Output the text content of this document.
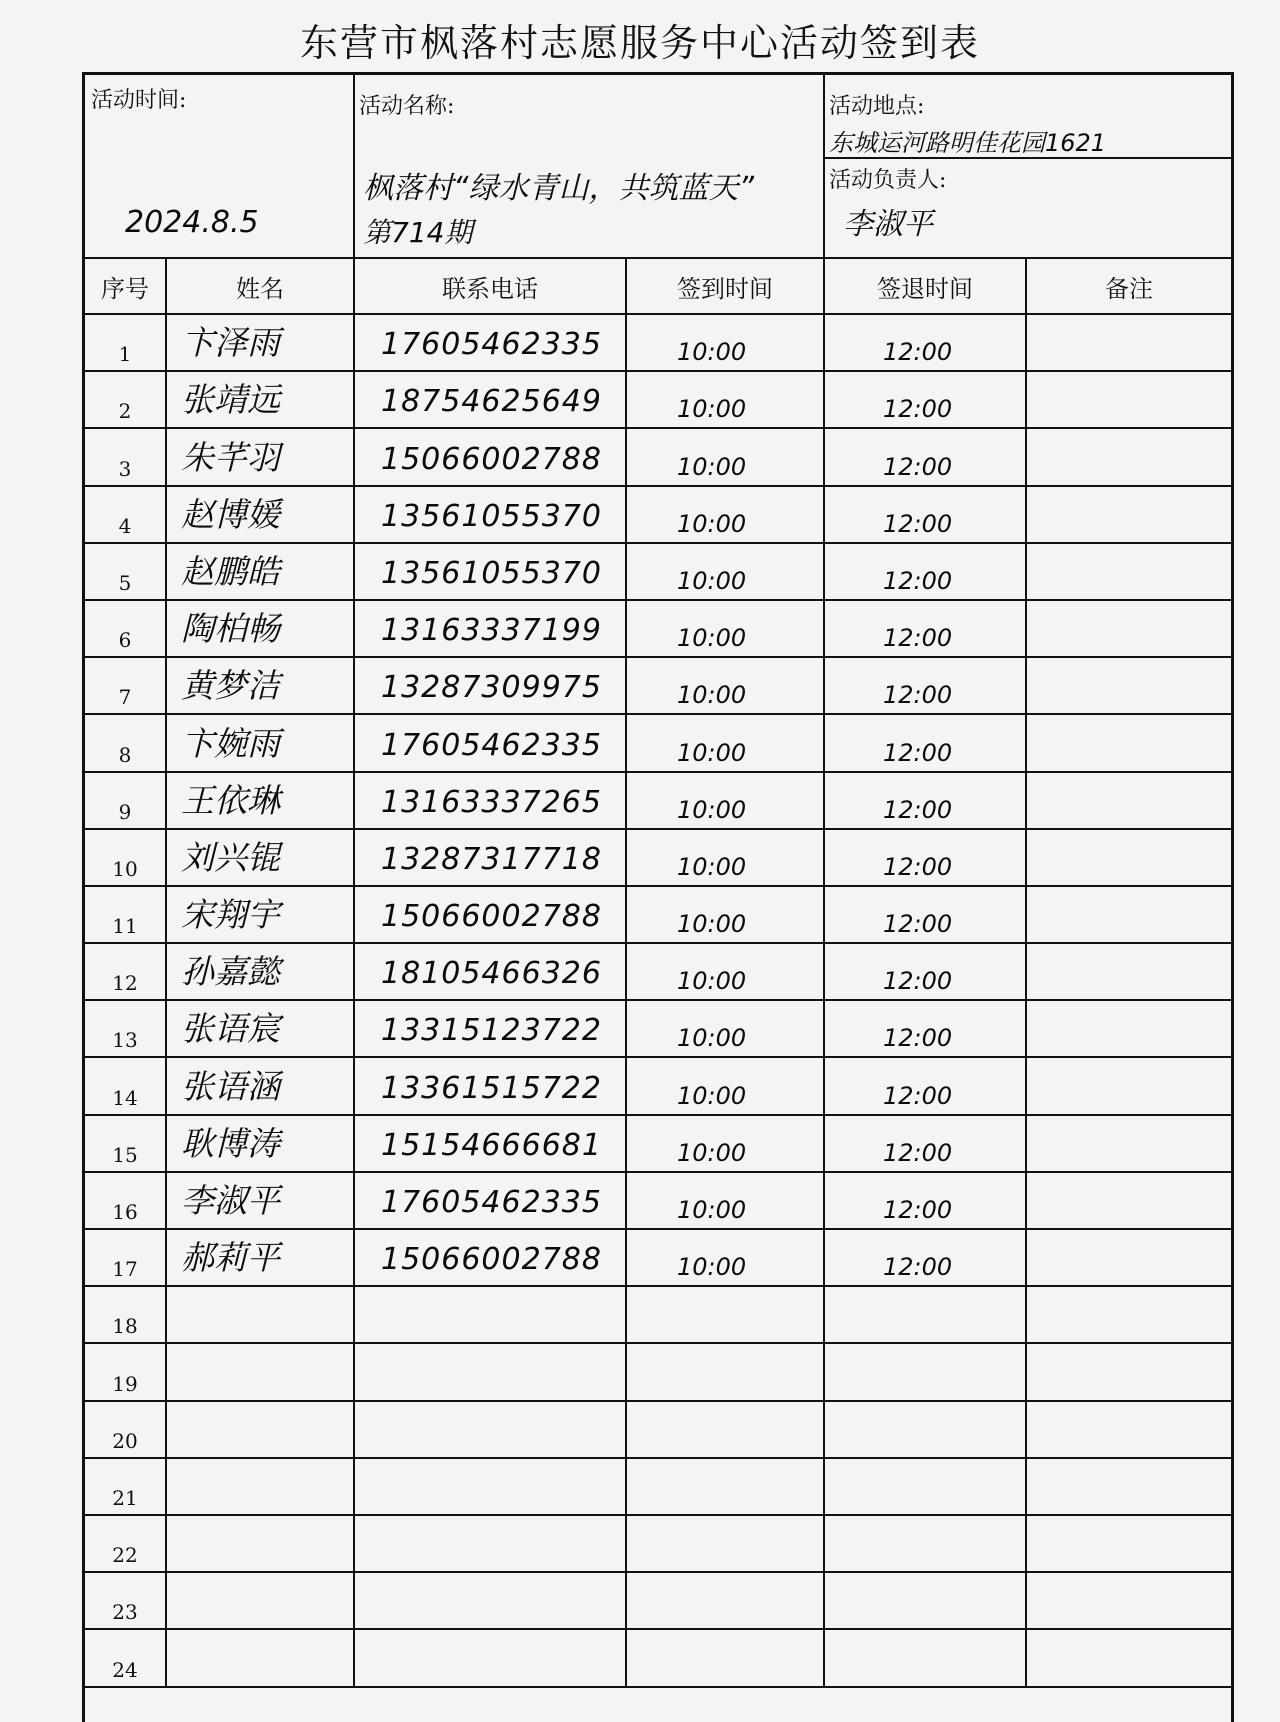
东营市枫落村志愿服务中心活动签到表
活动时间:
2024.8.5
活动名称:
枫落村“绿水青山，共筑蓝天”
第714期
活动地点:
东城运河路明佳花园1621
活动负责人:
李淑平
序号	姓名	联系电话	签到时间	签退时间	备注
1	卞泽雨	17605462335	10:00	12:00
2	张靖远	18754625649	10:00	12:00
3	朱芊羽	15066002788	10:00	12:00
4	赵博媛	13561055370	10:00	12:00
5	赵鹏皓	13561055370	10:00	12:00
6	陶柏畅	13163337199	10:00	12:00
7	黄梦洁	13287309975	10:00	12:00
8	卞婉雨	17605462335	10:00	12:00
9	王依琳	13163337265	10:00	12:00
10	刘兴锟	13287317718	10:00	12:00
11	宋翔宇	15066002788	10:00	12:00
12	孙嘉懿	18105466326	10:00	12:00
13	张语宸	13315123722	10:00	12:00
14	张语涵	13361515722	10:00	12:00
15	耿博涛	15154666681	10:00	12:00
16	李淑平	17605462335	10:00	12:00
17	郝莉平	15066002788	10:00	12:00
18
19
20
21
22
23
24
